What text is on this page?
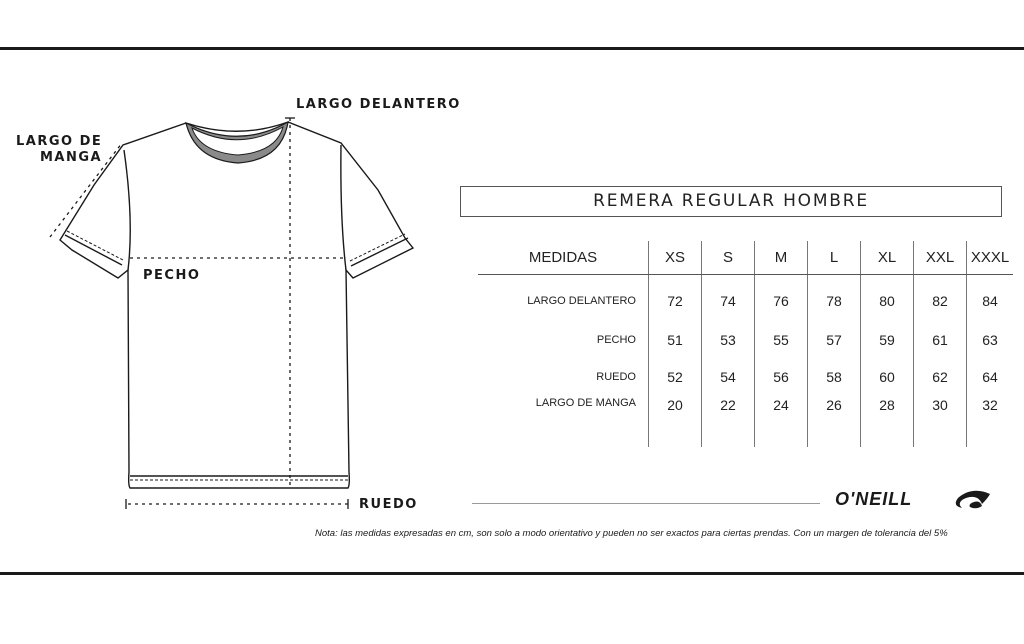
LARGO DELANTERO
LARGO DE
MANGA
PECHO
RUEDO
REMERA REGULAR HOMBRE
MEDIDAS	XS	S	M	L	XL	XXL	XXXL
LARGO DELANTERO	72	74	76	78	80	82	84
PECHO	51	53	55	57	59	61	63
RUEDO	52	54	56	58	60	62	64
LARGO DE MANGA	20	22	24	26	28	30	32

O'NEILL
Nota: las medidas expresadas en cm, son solo a modo orientativo y pueden no ser exactos para ciertas prendas. Con un margen de tolerancia del 5%
